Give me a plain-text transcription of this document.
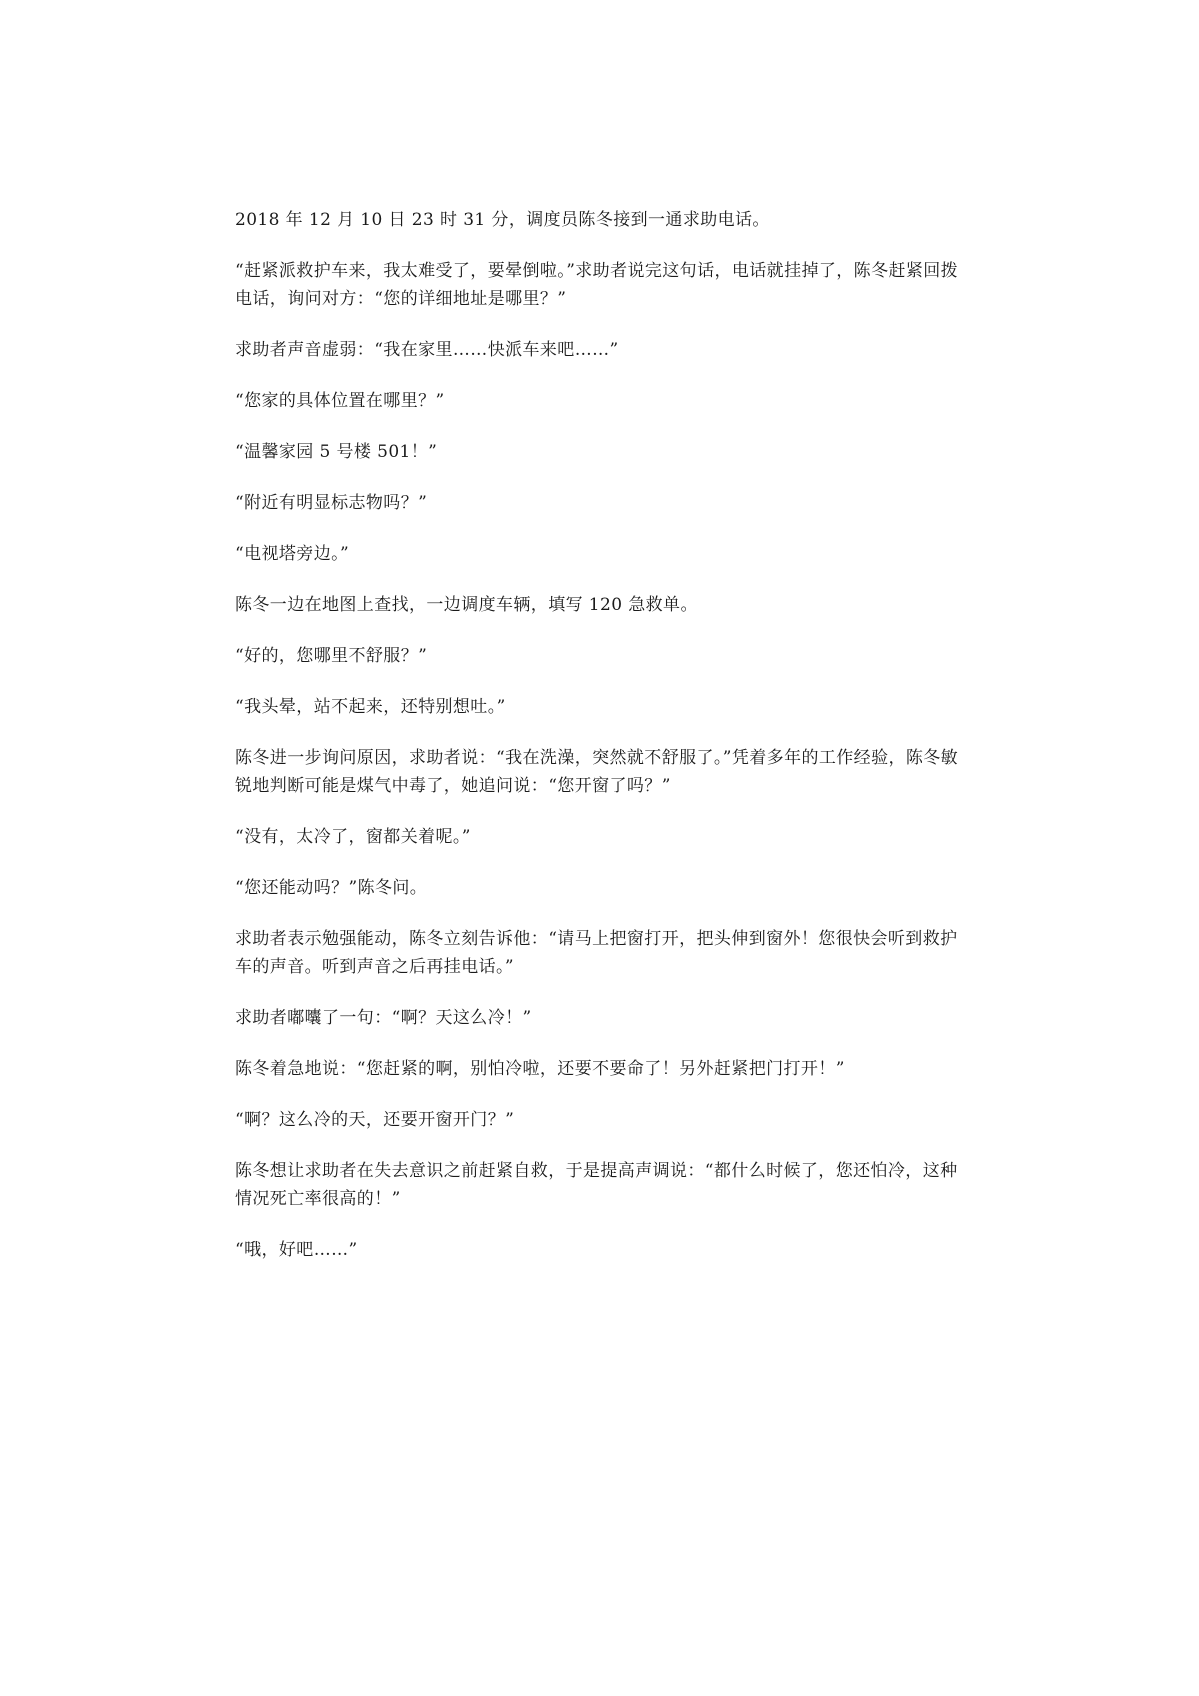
2018 年 12 月 10 日 23 时 31 分，调度员陈冬接到一通求助电话。

“赶紧派救护车来，我太难受了，要晕倒啦。”求助者说完这句话，电话就挂掉了，陈冬赶紧回拨电话，询问对方：“您的详细地址是哪里？”

求助者声音虚弱：“我在家里……快派车来吧……”

“您家的具体位置在哪里？”

“温馨家园 5 号楼 501！”

“附近有明显标志物吗？”

“电视塔旁边。”

陈冬一边在地图上查找，一边调度车辆，填写 120 急救单。

“好的，您哪里不舒服？”

“我头晕，站不起来，还特别想吐。”

陈冬进一步询问原因，求助者说：“我在洗澡，突然就不舒服了。”凭着多年的工作经验，陈冬敏锐地判断可能是煤气中毒了，她追问说：“您开窗了吗？”

“没有，太冷了，窗都关着呢。”

“您还能动吗？”陈冬问。

求助者表示勉强能动，陈冬立刻告诉他：“请马上把窗打开，把头伸到窗外！您很快会听到救护车的声音。听到声音之后再挂电话。”

求助者嘟囔了一句：“啊？天这么冷！”

陈冬着急地说：“您赶紧的啊，别怕冷啦，还要不要命了！另外赶紧把门打开！”

“啊？这么冷的天，还要开窗开门？”

陈冬想让求助者在失去意识之前赶紧自救，于是提高声调说：“都什么时候了，您还怕冷，这种情况死亡率很高的！”

“哦，好吧……”
